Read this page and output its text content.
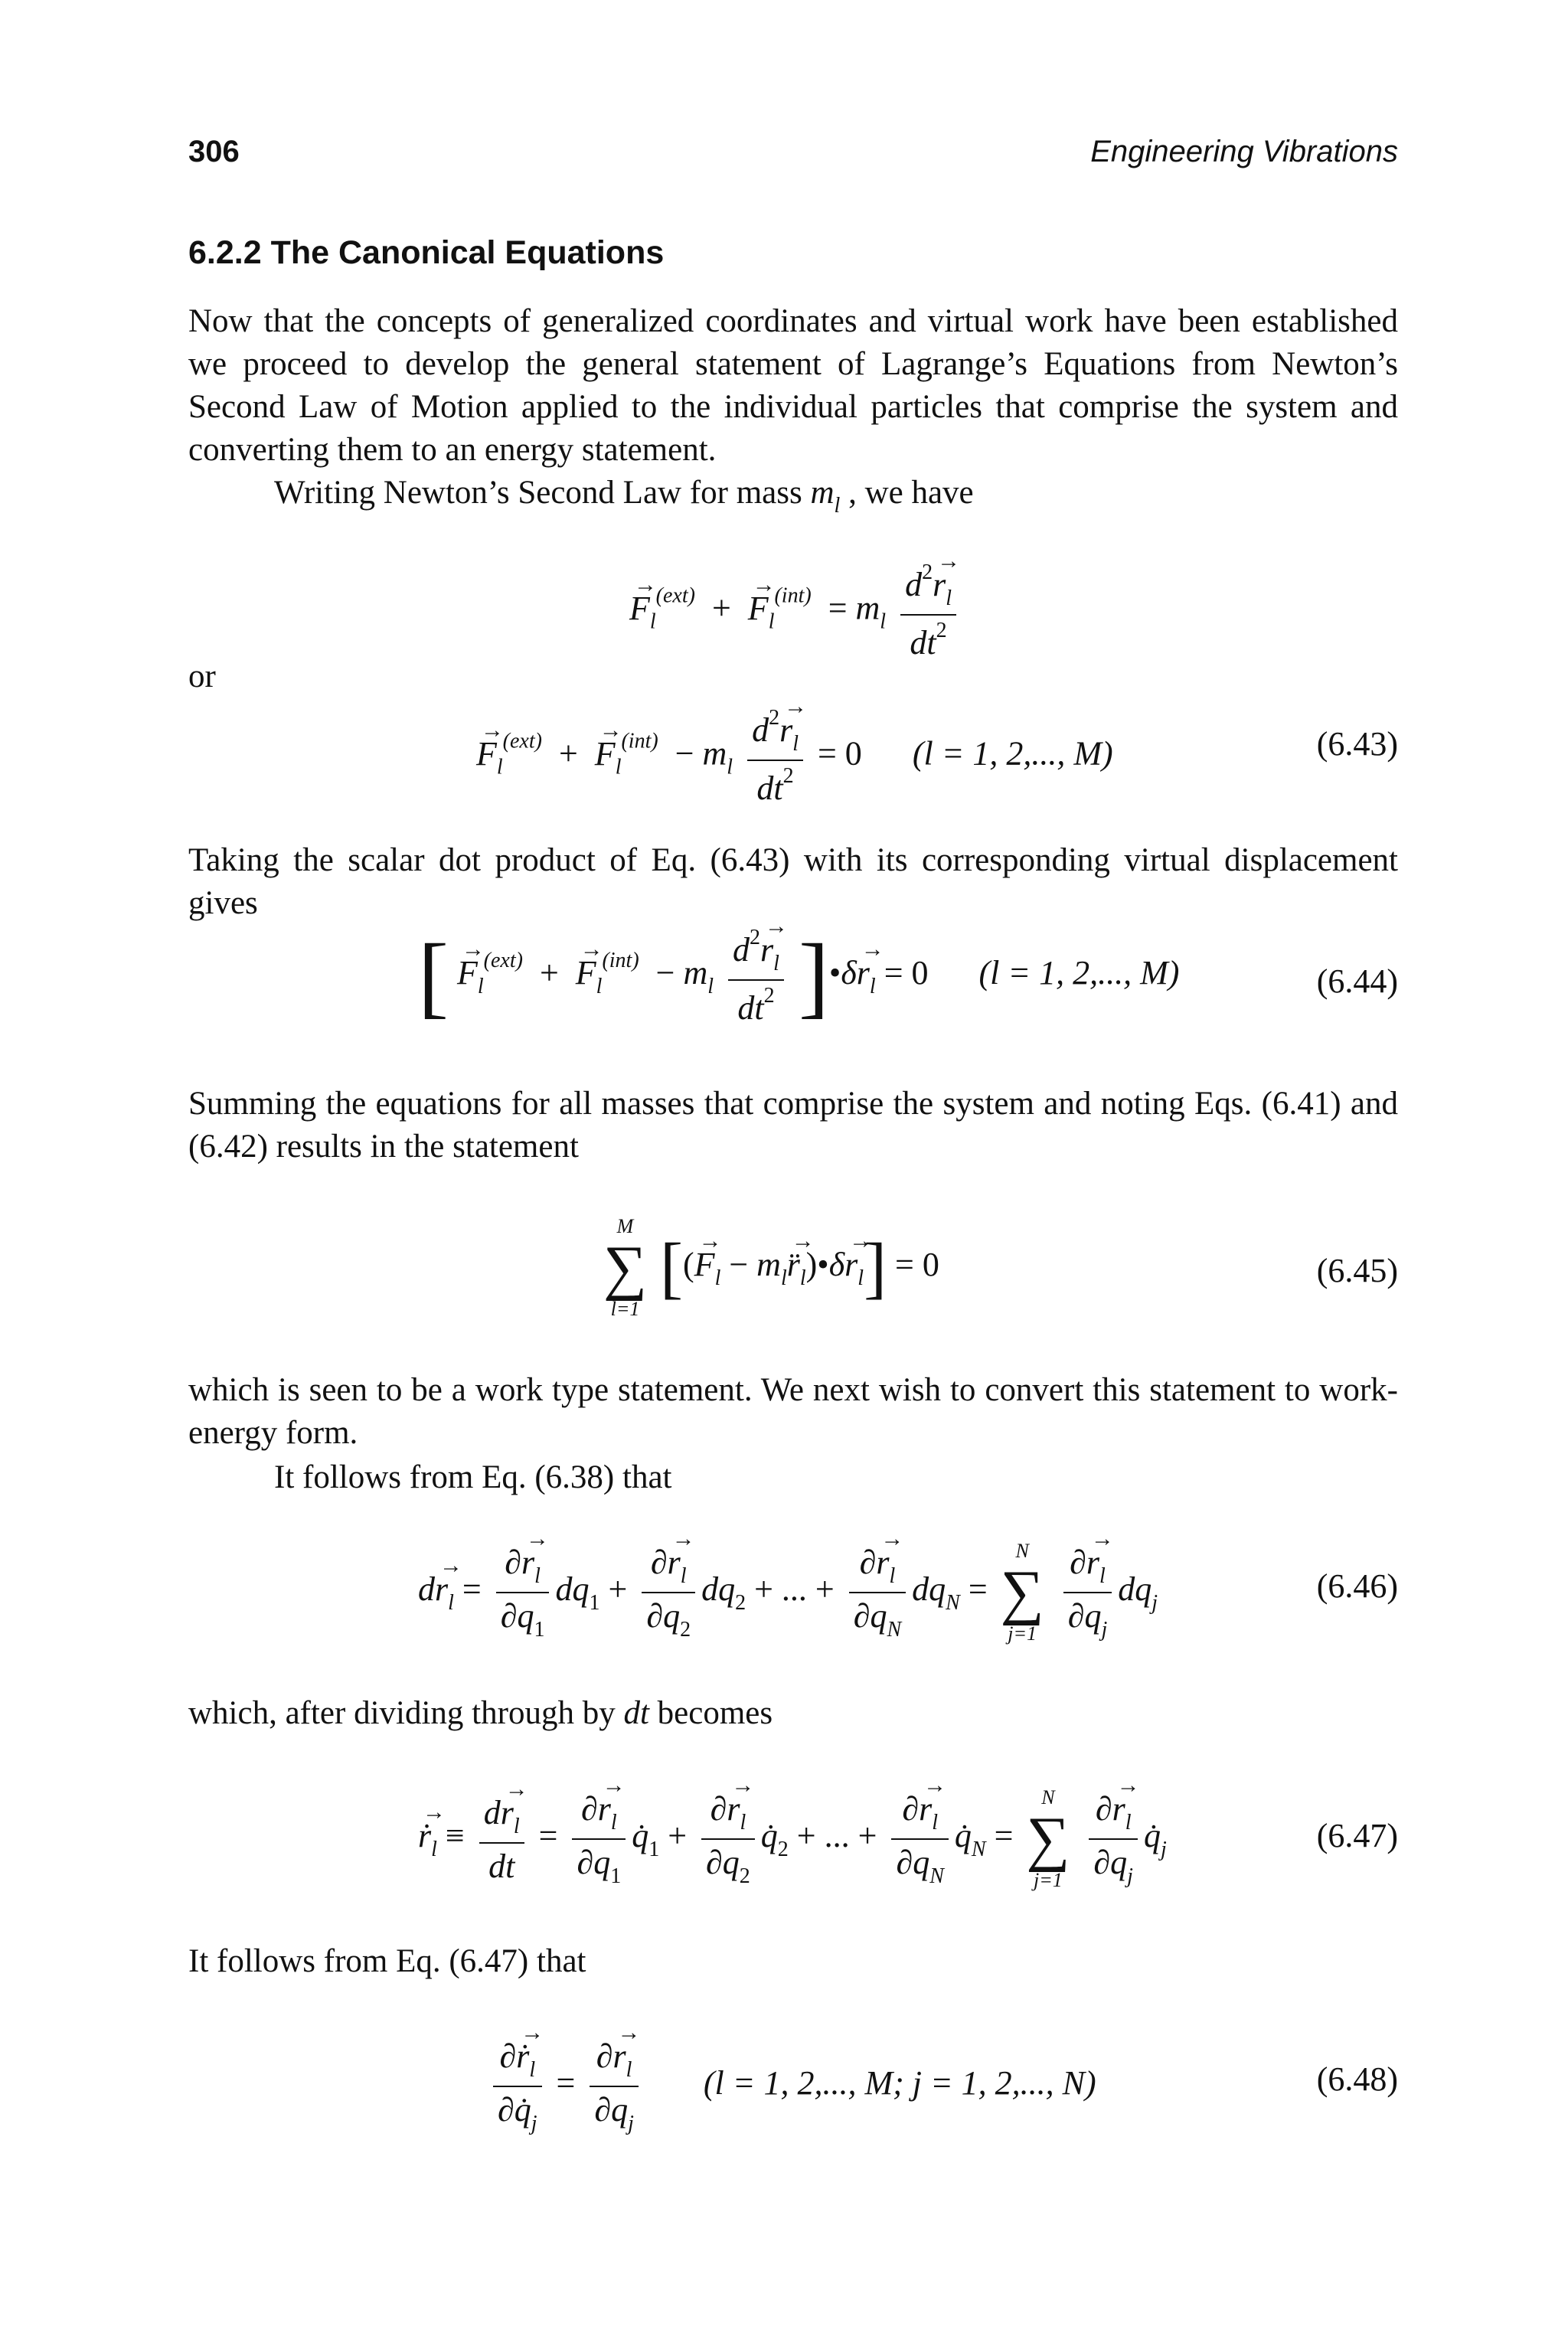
306	Engineering Vibrations
6.2.2 The Canonical Equations
Now that the concepts of generalized coordinates and virtual work have been established we proceed to develop the general statement of Lagrange’s Equations from Newton’s Second Law of Motion applied to the individual particles that comprise the system and converting them to an energy statement.
Writing Newton’s Second Law for mass $m_l$ , we have
→ $F_l^{(ext)}$  +  → $F_l^{(int)} = m_l \frac{d^2\to r_l}{dt^2}$
or
→ $F_l^{(ext)}$  +  → $F_l^{(int)} - m_l \frac{d^2\to r_l}{dt^2} = 0$      (l = 1, 2,..., M)	(6.43)
Taking the scalar dot product of Eq. (6.43) with its corresponding virtual displacement gives
[ → $F_l^{(ext)}$  +  → $F_l^{(int)} - m_l \frac{d^2\to r_l}{dt^2}$ ]•δ→ $r_l = 0$      (l = 1, 2,..., M)	(6.44)
Summing the equations for all masses that comprise the system and noting Eqs. (6.41) and (6.42) results in the statement
M
∑
l=1
[(→ $F_l - m_l\to$ $r̈_l)•\delta\to r_l] = 0$	(6.45)
which is seen to be a work type statement. We next wish to convert this statement to work-energy form.
It follows from Eq. (6.38) that
$d\to r_l = \frac{\partial\to r_l}{\partial q_1} dq_1 + \frac{\partial\to r_l}{\partial q_2} dq_2$ + ... + $\frac{\partial\to r_l}{\partial q_N} dq_N$ =
N
∑
j=1
$\frac{\partial\to r_l}{\partial q_j} dq_j$	(6.46)
which, after dividing through by dt becomes
→ ṙ$_l$ ≡ $\frac{d\to r_l}{dt} = \frac{\partial\to r_l}{\partial q_1}$ $q̇_1 + \frac{\partial\to r_l}{\partial q_2}$ $q̇_2$ + ... + $\frac{\partial\to r_l}{\partial q_N}$ $q̇_N$ =
N
∑
j=1
$\frac{\partial\to r_l}{\partial q_j}$ $q̇_j$	(6.47)
It follows from Eq. (6.47) that
$\frac{\partial\to ṙ_l}{\partial q̇_j} = \frac{\partial\to r_l}{\partial q_j} (l = 1$, 2,..., M; j = 1, 2,..., N)	(6.48)
